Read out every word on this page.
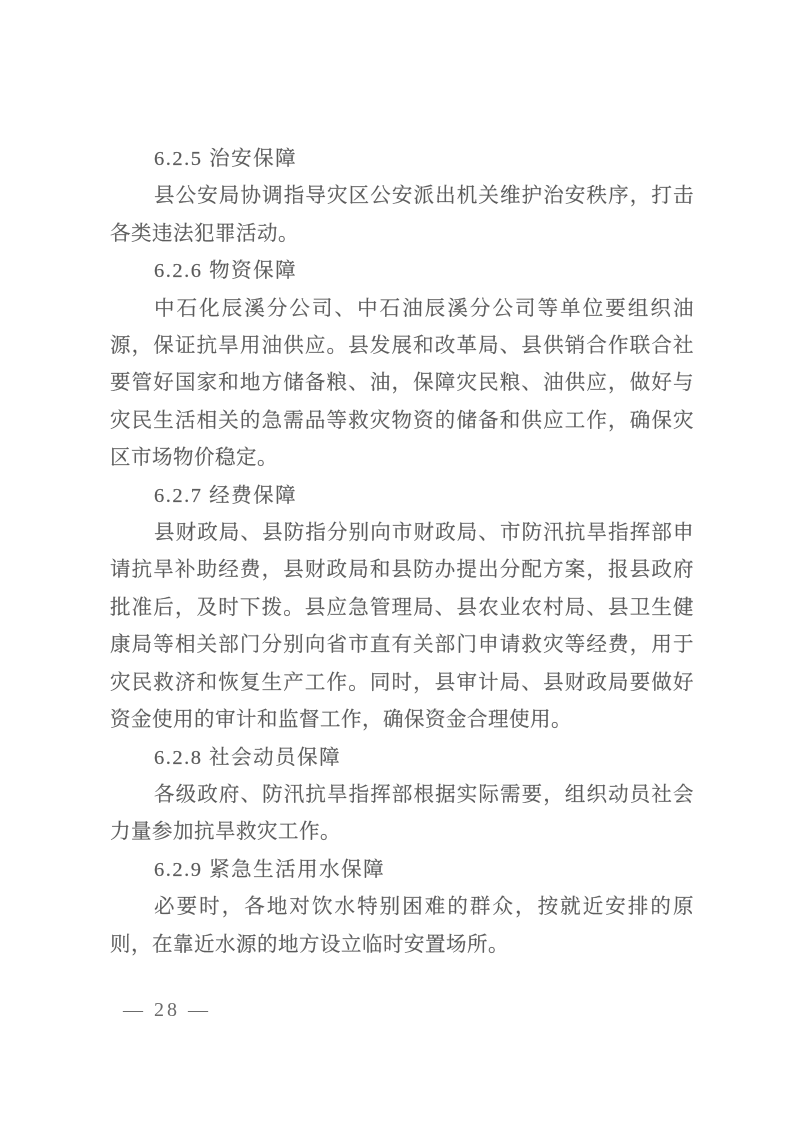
6.2.5 治安保障

县公安局协调指导灾区公安派出机关维护治安秩序，打击各类违法犯罪活动。

6.2.6 物资保障

中石化辰溪分公司、中石油辰溪分公司等单位要组织油源，保证抗旱用油供应。县发展和改革局、县供销合作联合社要管好国家和地方储备粮、油，保障灾民粮、油供应，做好与灾民生活相关的急需品等救灾物资的储备和供应工作，确保灾区市场物价稳定。

6.2.7 经费保障

县财政局、县防指分别向市财政局、市防汛抗旱指挥部申请抗旱补助经费，县财政局和县防办提出分配方案，报县政府批准后，及时下拨。县应急管理局、县农业农村局、县卫生健康局等相关部门分别向省市直有关部门申请救灾等经费，用于灾民救济和恢复生产工作。同时，县审计局、县财政局要做好资金使用的审计和监督工作，确保资金合理使用。

6.2.8 社会动员保障

各级政府、防汛抗旱指挥部根据实际需要，组织动员社会力量参加抗旱救灾工作。

6.2.9 紧急生活用水保障

必要时，各地对饮水特别困难的群众，按就近安排的原则，在靠近水源的地方设立临时安置场所。

— 28 —
